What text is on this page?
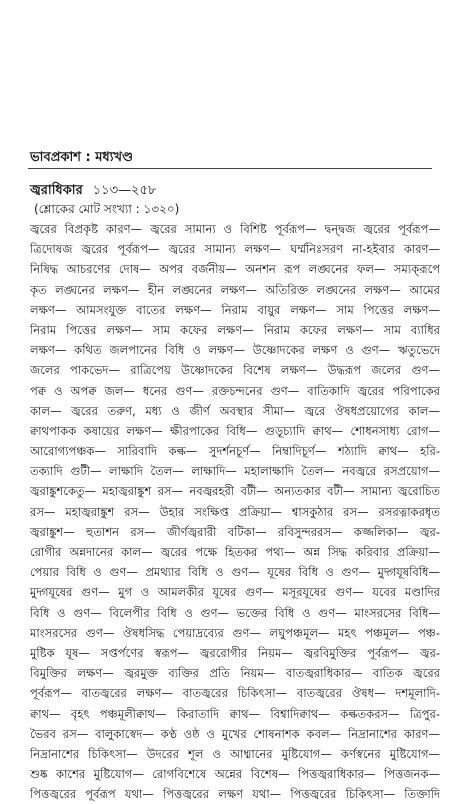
ভাবপ্রকাশ : মধ্যখণ্ড
জ্বরাধিকার ১১৩—২৫৮
(শ্লোকের মোট সংখ্যা : ১৩২০)
জ্বরের বিপ্রকৃষ্ট কারণ— জ্বরের সামান্য ও বিশিষ্ট পূর্বরূপ— দ্বন্দ্বজ জ্বরের পূর্বরূপ—
ত্রিদোষজ জ্বরের পূর্বরূপ— জ্বরের সামান্য লক্ষণ— ঘর্ম্মনিঃসরণ না-হইবার কারণ—
নিষিদ্ধ আচরণের দোষ— অপর বর্জনীয়— অনশন রূপ লঙ্ঘনের ফল— সম্যক্‌রূপে
কৃত লঙ্ঘনের লক্ষণ— হীন লঙ্ঘনের লক্ষণ— অতিরিক্ত লঙ্ঘনের লক্ষণ— আমের
লক্ষণ— আমসংযুক্ত বাতের লক্ষণ— নিরাম বায়ুর লক্ষণ— সাম পিত্তের লক্ষণ—
নিরাম পিত্তের লক্ষণ— সাম কফের লক্ষণ— নিরাম কফের লক্ষণ— সাম ব্যাধির
লক্ষণ— কথিত জলপানের বিধি ও লক্ষণ— উষ্ণোদকের লক্ষণ ও গুণ— ঋতুভেদে
জলের পাকভেদ— রাত্রিপেয় উষ্ণোদকের বিশেষ লক্ষণ— উদ্ধরূপ জলের গুণ—
পক্ব ও অপক্ব জল— ধনের গুণ— রক্তচন্দনের গুণ— বাতিকাদি জ্বরের পরিপাকের
কাল— জ্বরের তরুণ, মধ্য ও জীর্ণ অবস্থার সীমা— জ্বরে ঔষধপ্রয়োগের কাল—
ক্বাথপাকক কষায়ের লক্ষণ— ক্ষীরপাকের বিধি— গুড়ূচ্যাদি ক্বাথ— শোধনসাধ্য রোগ—
আরোগ্যপঞ্চক— সারিবাদি কল্ক— সুদর্শনচূর্ণ— নিম্বাদিচূর্ণ— শঠ্যাদি ক্বাথ— হরি-
তক্যাদি গুটী— লাক্ষাদি তৈল— লাক্ষাদি— মহালাক্ষাদি তৈল— নবজ্বরে রসপ্রয়োগ—
জ্বরাঙ্কুশকেতু— মহাজ্বরাঙ্কুশ রস— নবজ্বরহরী বটী— অন্যতকার বটী— সামান্য জ্বরোচিত
রস— মহাজ্বরাঙ্কুশ রস— উহার সংক্ষিপ্ত প্রক্রিয়া— শ্বাসকুঠার রস— রসরত্নাকরধৃত
জ্বরাঙ্কুশ— হুতাশন রস— জীর্ণজ্বরারী বটিকা— রবিসুন্দররস— কজ্জলিকা— জ্বর-
রোগীর অন্নদানের কাল— জ্বরের পক্ষে হিতকর পথ্য— অন্ন সিদ্ধ করিবার প্রক্রিয়া—
পেয়ার বিধি ও গুণ— প্রমথ্যার বিধি ও গুণ— যূষের বিধি ও গুণ— মুদ্গযূষবিধি—
মুদ্গযূষের গুণ— মুগ ও আমলকীর যূষের গুণ— মসূরযূষের গুণ— যবের মণ্ডাদির
বিধি ও গুণ— বিলেপীর বিধি ও গুণ— ভক্তের বিধি ও গুণ— মাংসরসের বিধি—
মাংসরসের গুণ— ঔষধসিদ্ধ পেয়াদ্রব্যের গুণ— লঘুপঞ্চমূল— মহৎ পঞ্চমূল— পঞ্চ-
মুষ্টিক যূষ— সপ্তর্পণের স্বরূপ— জ্বররোগীর নিয়ম— জ্বরবিমুক্তির পূর্বরূপ— জ্বর-
বিমুক্তির লক্ষণ— জ্বরমুক্ত ব্যক্তির প্রতি নিয়ম— বাতজ্বরাধিকার— বাতিক জ্বরের
পূর্বরূপ— বাতজ্বরের লক্ষণ— বাতজ্বরের চিকিৎসা— বাতজ্বরের ঔষধ— দশমূলাদি-
ক্বাথ— বৃহৎ পঞ্চমূলীক্বাথ— কিরাতাদি ক্বাথ— বিশ্বাদিক্বাথ— কল্কতকরস— ত্রিপুর-
ভৈরব রস— বালুকাস্বেদ— কণ্ঠ ওষ্ঠ ও মুখের শোষনাশক কবল— নিদ্রানাশের কারণ—
নিদ্রানাশের চিকিৎসা— উদরের শূল ও আধ্মানের মুষ্টিযোগ— কর্ণস্বনের মুষ্টিযোগ—
শুষ্ক কাশের মুষ্টিযোগ— রোগবিশেষে অন্নের বিশেষ— পিত্তজ্বরাধিকার— পিত্তজনক—
পিত্তজ্বরের পূর্বরূপ যথা— পিত্তজ্বরের লক্ষণ যথা— পিত্তজ্বরের চিকিৎসা— তিক্তাদি
